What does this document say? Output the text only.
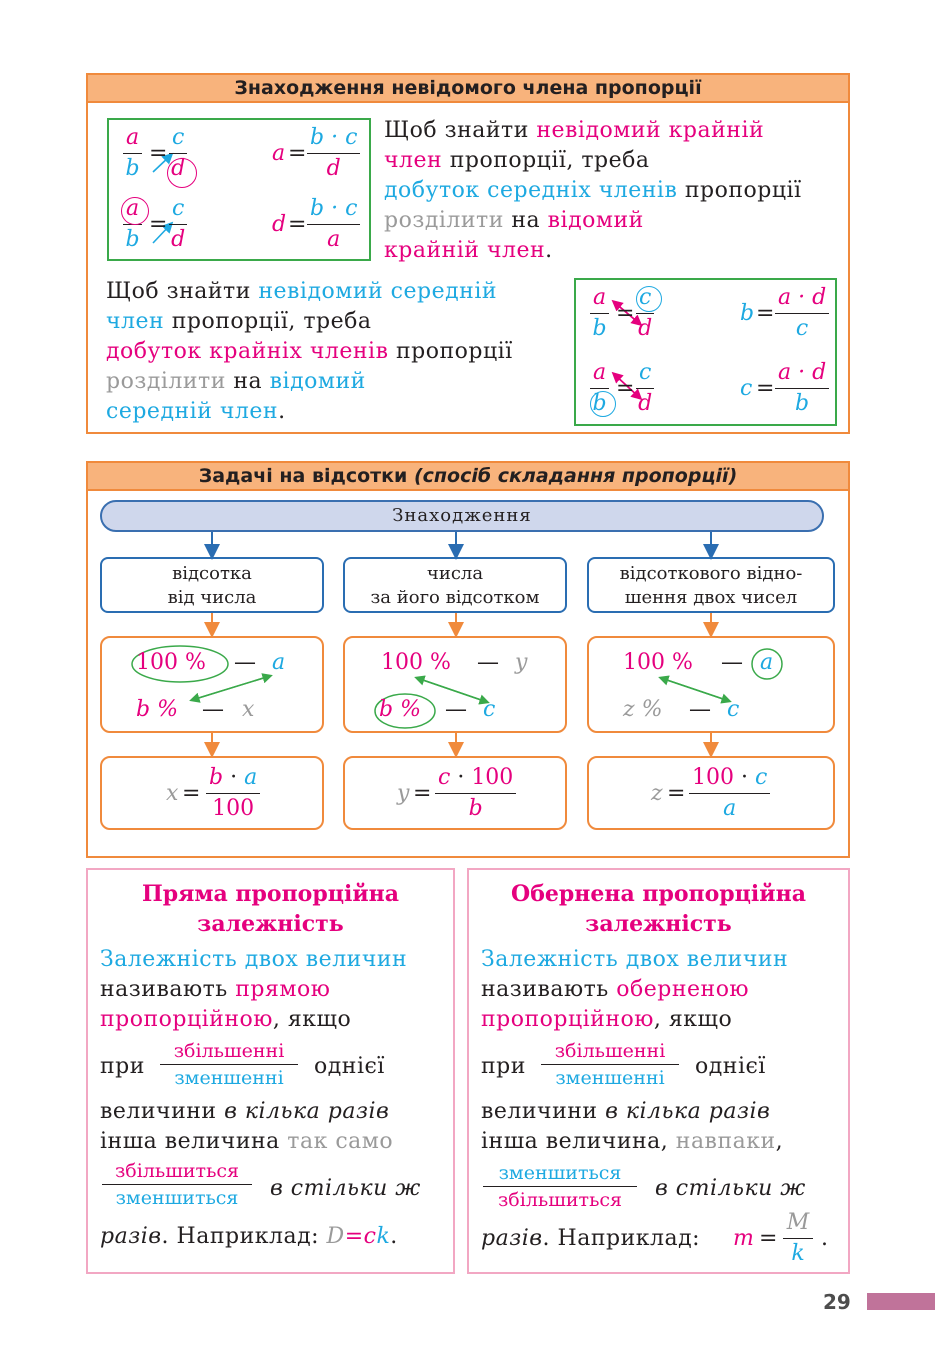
Знаходження невідомого члена пропорції
$\frac{a}{b} = \frac{c}{d}$	$a = \frac{b \cdot c}{d}$
$\frac{a}{b} = \frac{c}{d}$	$d = \frac{b \cdot c}{a}$
Щоб знайти невідомий крайній
член пропорції, треба
добуток середніх членів пропорції
розділити на відомий
крайній член.
Щоб знайти невідомий середній
член пропорції, треба
добуток крайніх членів пропорції
розділити на відомий
середній член.
$\frac{a}{b} = \frac{c}{d}$	$b = \frac{a \cdot d}{c}$
$\frac{a}{b} = \frac{c}{d}$	$c = \frac{a \cdot d}{b}$
Задачі на відсотки (спосіб складання пропорції)
Знаходження
відсотка
від числа
числа
за його відсотком
відсоткового відно-
шення двох чисел
100 % — a
b % — x
100 % — y
b % — c
100 % — a
z % — c
$x = \frac{b \cdot a}{100}$	$y = \frac{c \cdot 100}{b}$	$z = \frac{100 \cdot c}{a}$
Пряма пропорційна
залежність
Залежність двох величин
називають прямою
пропорційною, якщо
при
збільшенні
зменшенні	однієї
величини в кілька разів
інша величина так само
збільшиться
зменшиться	в стільки ж
разів. Наприклад: D=ck.
Обернена пропорційна
залежність
Залежність двох величин
називають оберненою
пропорційною, якщо
при
збільшенні
зменшенні	однієї
величини в кілька разів
інша величина, навпаки,
зменшиться
збільшиться	в стільки ж
разів. Наприклад: $m = \frac{M}{k}$ .
29
